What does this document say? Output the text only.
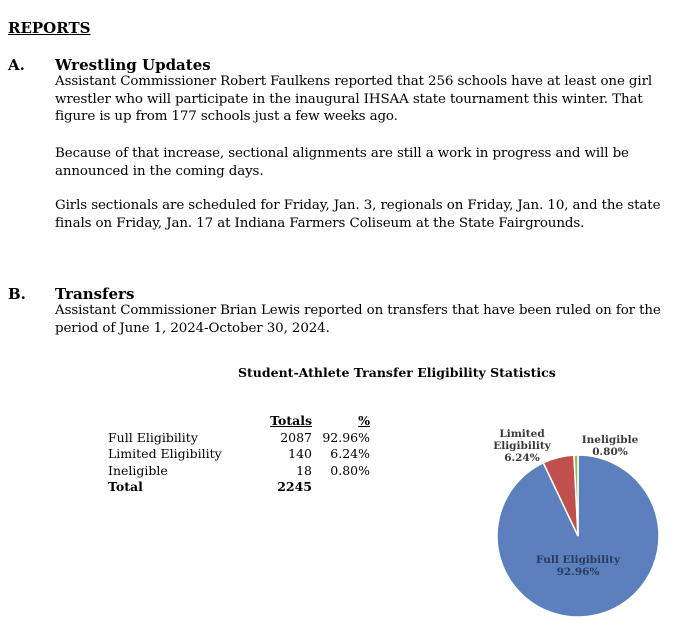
REPORTS
A. Wrestling Updates

Assistant Commissioner Robert Faulkens reported that 256 schools have at least one girl wrestler who will participate in the inaugural IHSAA state tournament this winter. That figure is up from 177 schools just a few weeks ago.

Because of that increase, sectional alignments are still a work in progress and will be announced in the coming days.

Girls sectionals are scheduled for Friday, Jan. 3, regionals on Friday, Jan. 10, and the state finals on Friday, Jan. 17 at Indiana Farmers Coliseum at the State Fairgrounds.

B. Transfers

Assistant Commissioner Brian Lewis reported on transfers that have been ruled on for the period of June 1, 2024-October 30, 2024.

Student-Athlete Transfer Eligibility Statistics
	Totals	%
Full Eligibility	2087	92.96%
Limited Eligibility	140	6.24%
Ineligible	18	0.80%
Total	2245	
Full Eligibility 92.96%
Limited Eligibility 6.24%
Ineligible 0.80%
